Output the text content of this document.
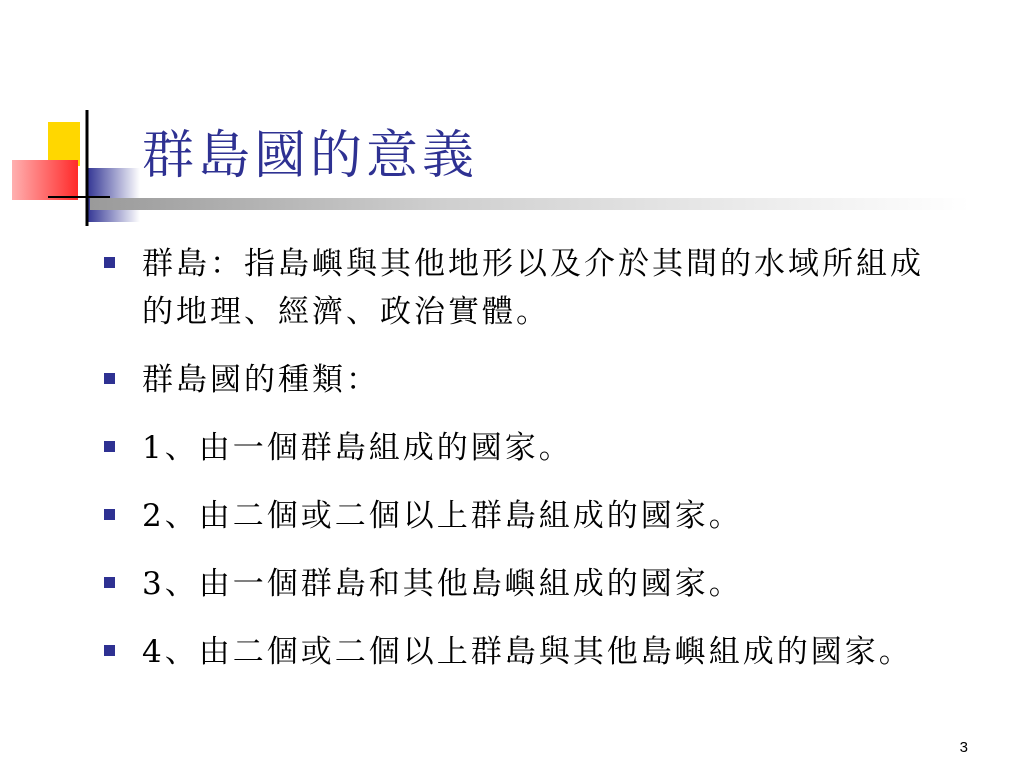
群島國的意義
群島：指島嶼與其他地形以及介於其間的水域所組成的地理、經濟、政治實體。
群島國的種類：
1、由一個群島組成的國家。
2、由二個或二個以上群島組成的國家。
3、由一個群島和其他島嶼組成的國家。
4、由二個或二個以上群島與其他島嶼組成的國家。
3
